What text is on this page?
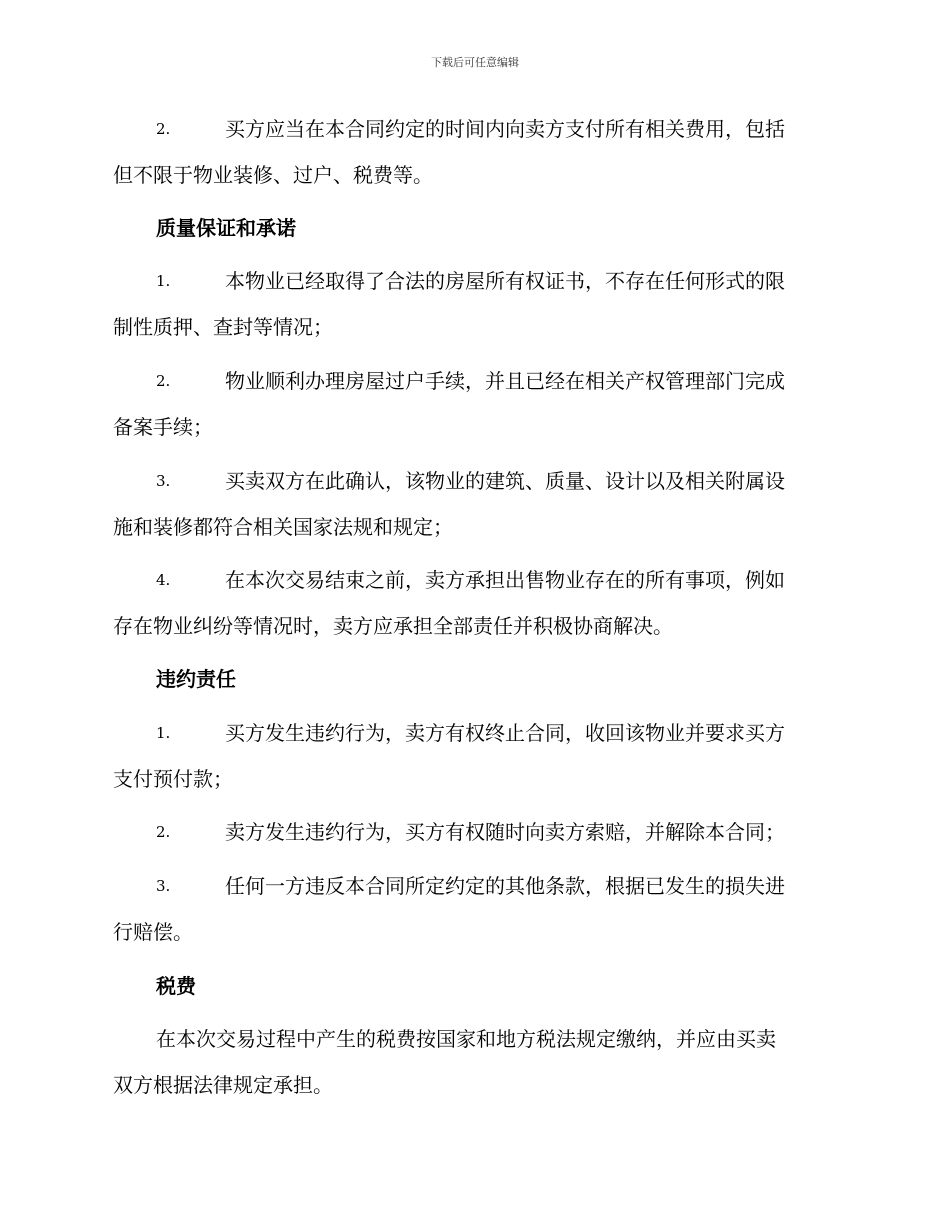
下载后可任意编辑
2.	买方应当在本合同约定的时间内向卖方支付所有相关费用，包括
但不限于物业装修、过户、税费等。
质量保证和承诺
1.	本物业已经取得了合法的房屋所有权证书，不存在任何形式的限
制性质押、查封等情况；
2.	物业顺利办理房屋过户手续，并且已经在相关产权管理部门完成
备案手续；
3.	买卖双方在此确认，该物业的建筑、质量、设计以及相关附属设
施和装修都符合相关国家法规和规定；
4.	在本次交易结束之前，卖方承担出售物业存在的所有事项，例如
存在物业纠纷等情况时，卖方应承担全部责任并积极协商解决。
违约责任
1.	买方发生违约行为，卖方有权终止合同，收回该物业并要求买方
支付预付款；
2.	卖方发生违约行为，买方有权随时向卖方索赔，并解除本合同；
3.	任何一方违反本合同所定约定的其他条款，根据已发生的损失进
行赔偿。
税费
在本次交易过程中产生的税费按国家和地方税法规定缴纳，并应由买卖
双方根据法律规定承担。
